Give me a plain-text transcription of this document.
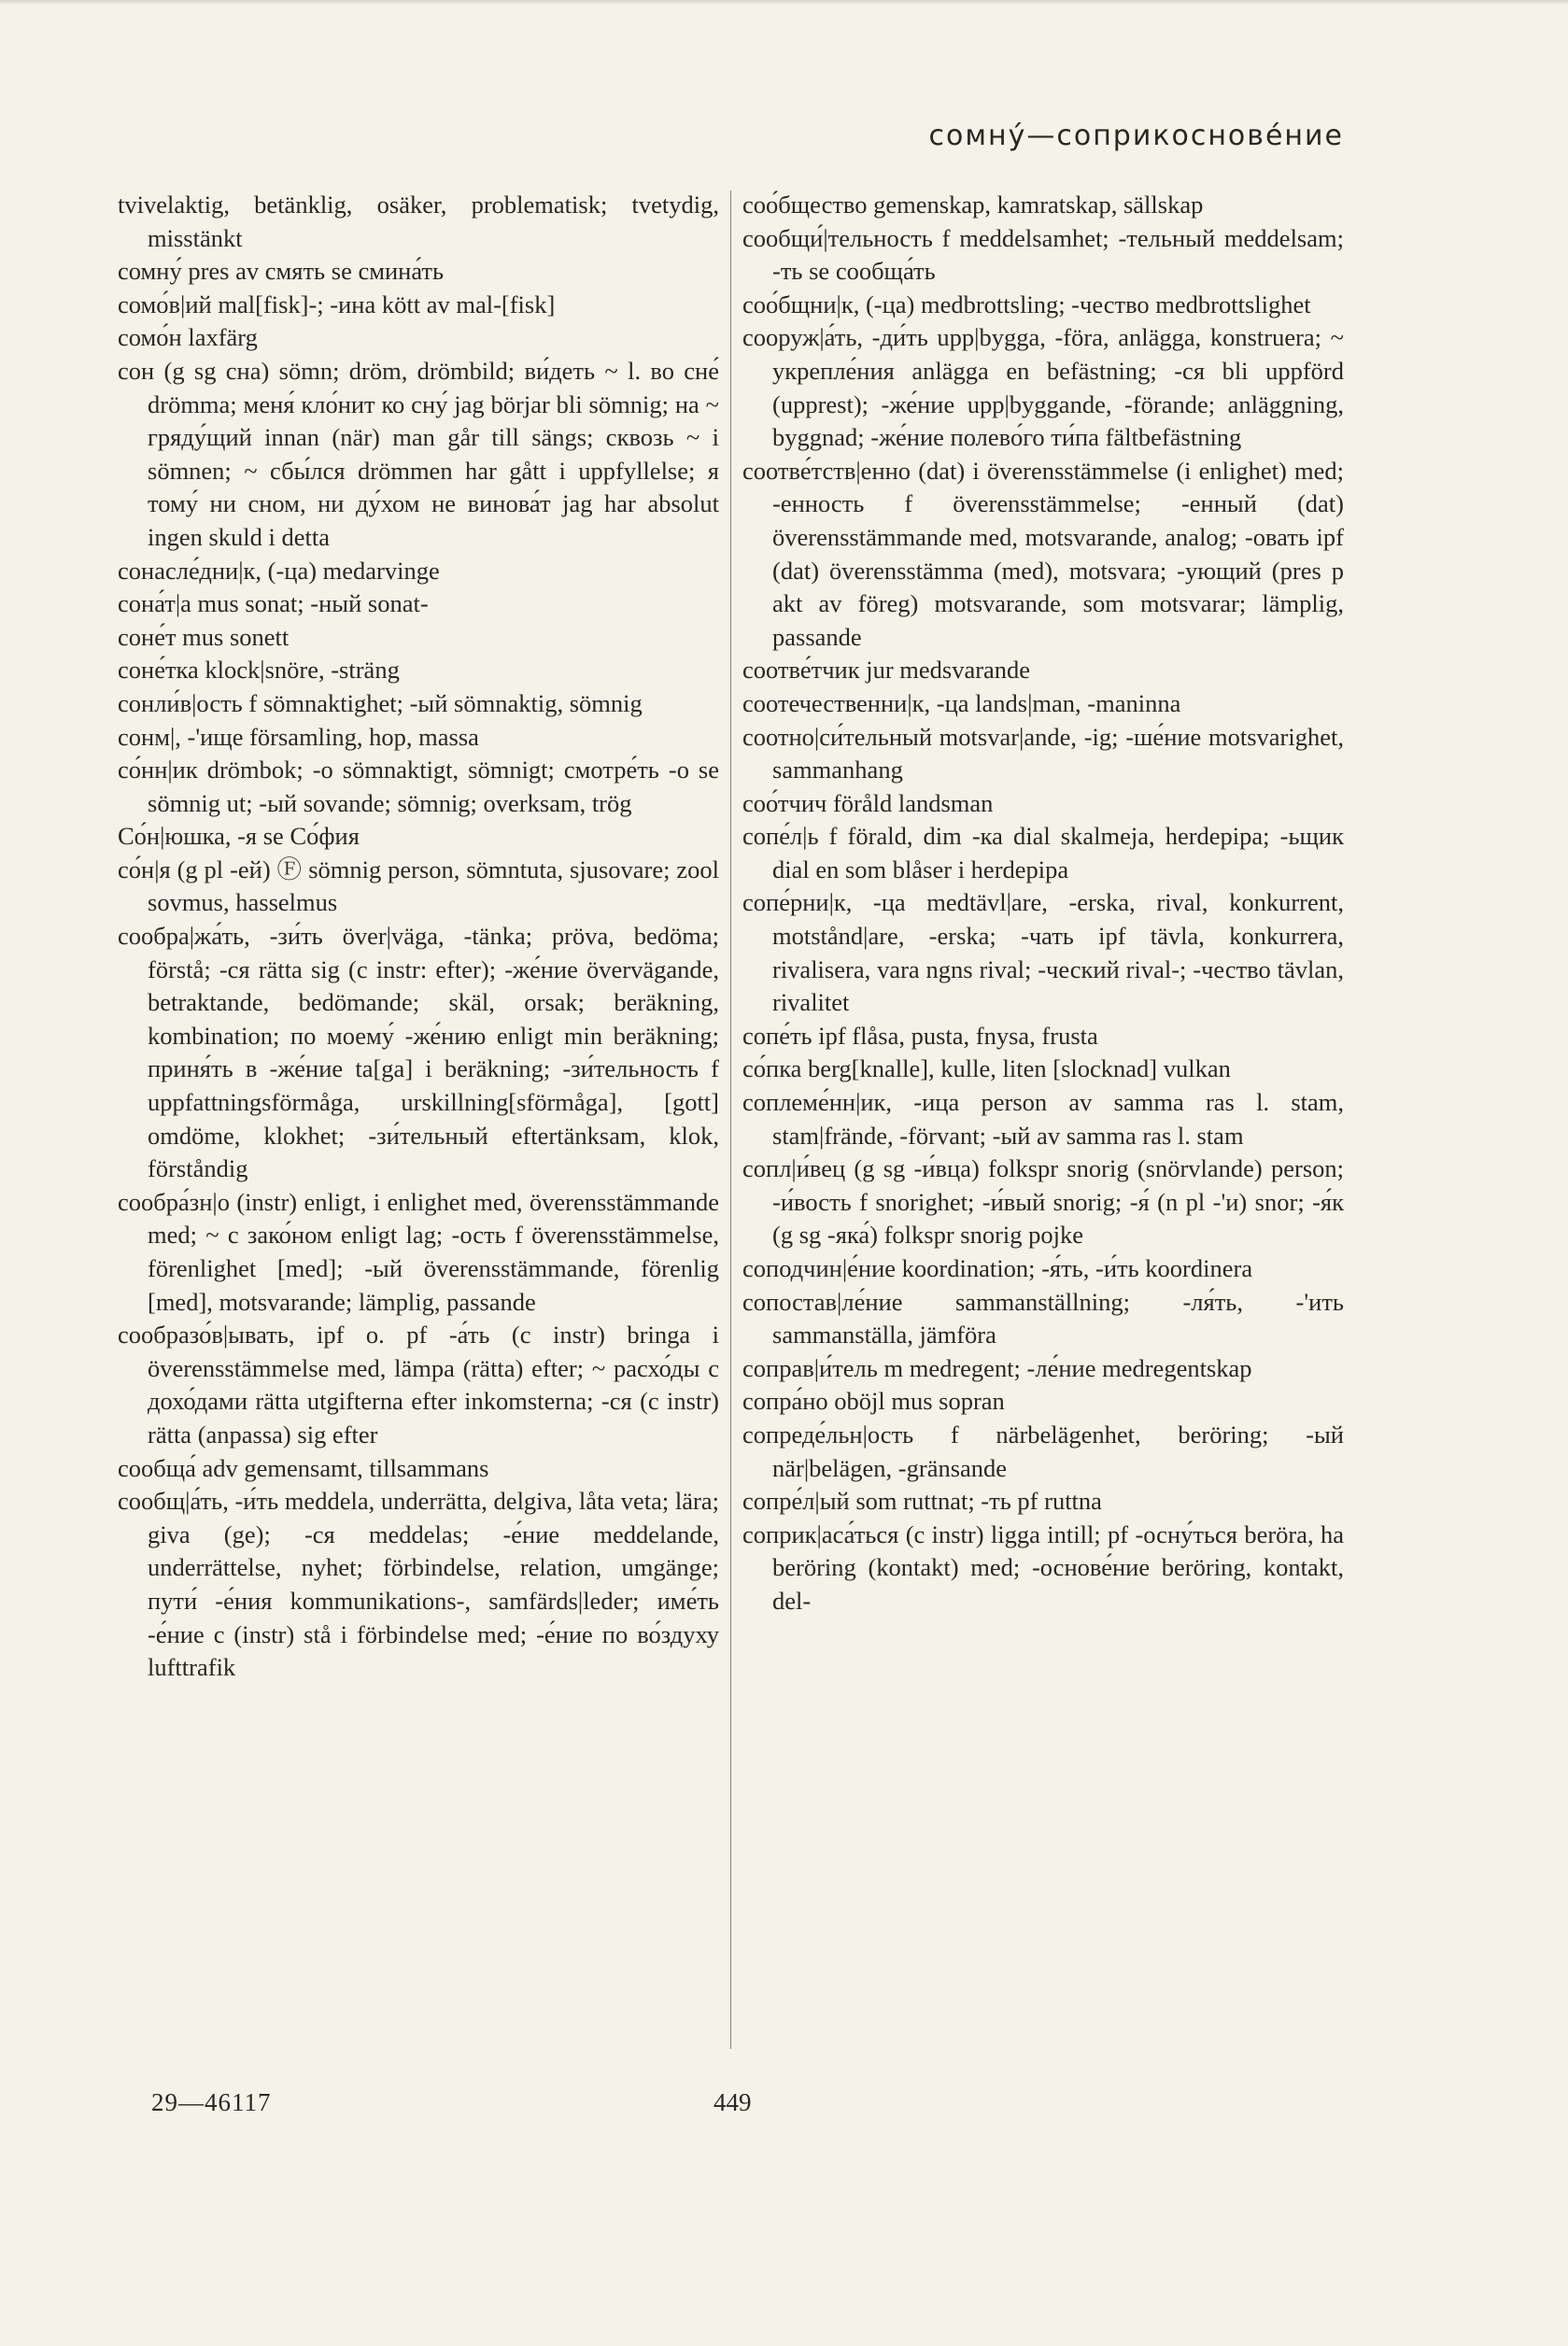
сомну́—соприкоснове́ние

tvivelaktig, betänklig, osäker, problematisk; tvetydig, misstänkt

сомну́ pres av смять se смина́ть

сомо́в|ий mal[fisk]-; -ина kött av mal-[fisk]

сомо́н laxfärg

сон (g sg сна) sömn; dröm, drömbild; ви́деть ~ l. во сне́ drömma; меня́ кло́нит ко сну́ jag börjar bli sömnig; на ~ гряду́щий innan (när) man går till sängs; сквозь ~ i sömnen; ~ сбы́лся drömmen har gått i uppfyllelse; я тому́ ни сном, ни ду́хом не винова́т jag har absolut ingen skuld i detta

сонасле́дни|к, (-ца) medarvinge

сона́т|а mus sonat; -ный sonat-

соне́т mus sonett

соне́тка klock|snöre, -sträng

сонли́в|ость f sömnaktighet; -ый sömnaktig, sömnig

сонм|, -'ище församling, hop, massa

со́нн|ик drömbok; -о sömnaktigt, sömnigt; смотре́ть -о se sömnig ut; -ый sovande; sömnig; overksam, trög

Со́н|юшка, -я se Со́фия

со́н|я (g pl -ей) Ⓕ sömnig person, sömntuta, sjusovare; zool sovmus, hasselmus

сообра|жа́ть, -зи́ть över|väga, -tänka; pröva, bedöma; förstå; -ся rätta sig (c instr: efter); -же́ние övervägande, betraktande, bedömande; skäl, orsak; beräkning, kombination; по моему́ -же́нию enligt min beräkning; приня́ть в -же́ние ta[ga] i beräkning; -зи́тельность f uppfattningsförmåga, urskillning[sförmåga], [gott] omdöme, klokhet; -зи́тельный eftertänksam, klok, förståndig

сообра́зн|о (instr) enligt, i enlighet med, överensstämmande med; ~ с зако́ном enligt lag; -ость f överensstämmelse, förenlighet [med]; -ый överensstämmande, förenlig [med], motsvarande; lämplig, passande

сообразо́в|ывать, ipf o. pf -а́ть (c instr) bringa i överensstämmelse med, lämpa (rätta) efter; ~ расхо́ды с дохо́дами rätta utgifterna efter inkomsterna; -ся (c instr) rätta (anpassa) sig efter

сообща́ adv gemensamt, tillsammans

сообщ|а́ть, -и́ть meddela, underrätta, delgiva, låta veta; lära; giva (ge); -ся meddelas; -е́ние meddelande, underrättelse, nyhet; förbindelse, relation, umgänge; пути́ -е́ния kommunikations-, samfärds|leder; име́ть -е́ние с (instr) stå i förbindelse med; -е́ние по во́здуху lufttrafik

соо́бщество gemenskap, kamratskap, sällskap

сообщи́|тельность f meddelsamhet; -тельный meddelsam; -ть se сообща́ть

соо́бщни|к, (-ца) medbrottsling; -чество medbrottslighet

сооруж|а́ть, -ди́ть upp|bygga, -föra, anlägga, konstruera; ~ укрепле́ния anlägga en befästning; -ся bli uppförd (upprest); -же́ние upp|byggande, -förande; anläggning, byggnad; -же́ние полево́го ти́па fältbefästning

соотве́тств|енно (dat) i överensstämmelse (i enlighet) med; -енность f överensstämmelse; -енный (dat) överensstämmande med, motsvarande, analog; -овать ipf (dat) överensstämma (med), motsvara; -ующий (pres p akt av föreg) motsvarande, som motsvarar; lämplig, passande

соотве́тчик jur medsvarande

соотечественни|к, -ца lands|man, -maninna

соотно|си́тельный motsvar|ande, -ig; -ше́ние motsvarighet, sammanhang

соо́тчич föråld landsman

сопе́л|ь f förald, dim -ка dial skalmeja, herdepipa; -ьщик dial en som blåser i herdepipa

сопе́рни|к, -ца medtävl|are, -erska, rival, konkurrent, motstånd|are, -erska; -чать ipf tävla, konkurrera, rivalisera, vara ngns rival; -ческий rival-; -чество tävlan, rivalitet

сопе́ть ipf flåsa, pusta, fnysa, frusta

со́пка berg[knalle], kulle, liten [slocknad] vulkan

соплеме́нн|ик, -ица person av samma ras l. stam, stam|frände, -förvant; -ый av samma ras l. stam

сопл|и́вец (g sg -и́вца) folkspr snorig (snörvlande) person; -и́вость f snorighet; -и́вый snorig; -я́ (n pl -'и) snor; -я́к (g sg -яка́) folkspr snorig pojke

соподчин|е́ние koordination; -я́ть, -и́ть koordinera

сопостав|ле́ние sammanställning; -ля́ть, -'ить sammanställa, jämföra

соправ|и́тель m medregent; -ле́ние medregentskap

сопра́но oböjl mus sopran

сопреде́льн|ость f närbelägenhet, beröring; -ый när|belägen, -gränsande

сопре́л|ый som ruttnat; -ть pf ruttna

соприк|аса́ться (c instr) ligga intill; pf -осну́ться beröra, ha beröring (kontakt) med; -основе́ние beröring, kontakt, del-

29—46117	449
